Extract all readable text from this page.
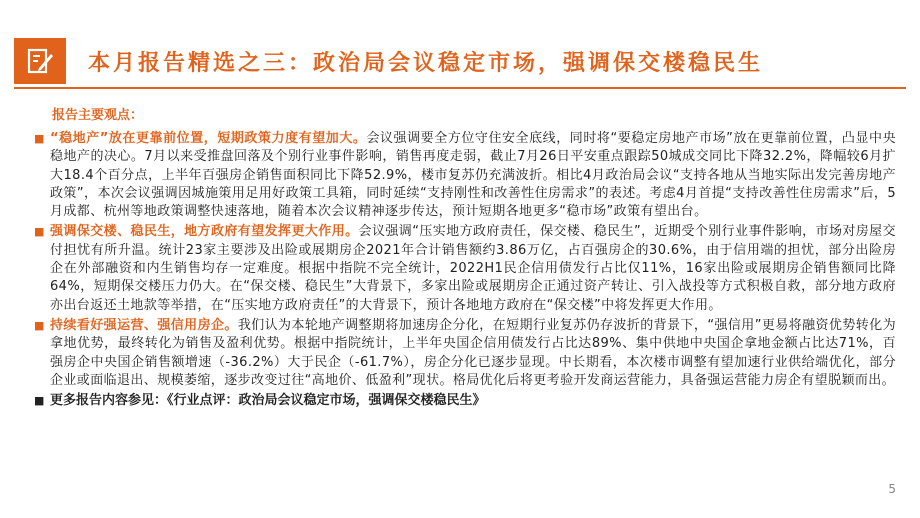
本月报告精选之三：政治局会议稳定市场，强调保交楼稳民生
报告主要观点：
■ “稳地产”放在更靠前位置，短期政策力度有望加大。会议强调要全方位守住安全底线，同时将“要稳定房地产市场”放在更靠前位置，凸显中央稳地产的决心。7月以来受推盘回落及个别行业事件影响，销售再度走弱，截止7月26日平安重点跟踪50城成交同比下降32.2%，降幅较6月扩大18.4个百分点，上半年百强房企销售面积同比下降52.9%，楼市复苏仍充满波折。相比4月政治局会议“支持各地从当地实际出发完善房地产政策”，本次会议强调因城施策用足用好政策工具箱，同时延续“支持刚性和改善性住房需求”的表述。考虑4月首提“支持改善性住房需求”后，5月成都、杭州等地政策调整快速落地，随着本次会议精神逐步传达，预计短期各地更多“稳市场”政策有望出台。
■ 强调保交楼、稳民生，地方政府有望发挥更大作用。会议强调“压实地方政府责任，保交楼、稳民生”，近期受个别行业事件影响，市场对房屋交付担忧有所升温。统计23家主要涉及出险或展期房企2021年合计销售额约3.86万亿，占百强房企的30.6%，由于信用端的担忧，部分出险房企在外部融资和内生销售均存一定难度。根据中指院不完全统计，2022H1民企信用债发行占比仅11%，16家出险或展期房企销售额同比降64%，短期保交楼压力仍大。在“保交楼、稳民生”大背景下，多家出险或展期房企正通过资产转让、引入战投等方式积极自救，部分地方政府亦出台返还土地款等举措，在“压实地方政府责任”的大背景下，预计各地地方政府在“保交楼”中将发挥更大作用。
■ 持续看好强运营、强信用房企。我们认为本轮地产调整期将加速房企分化，在短期行业复苏仍存波折的背景下，“强信用”更易将融资优势转化为拿地优势，最终转化为销售及盈利优势。根据中指院统计，上半年央国企信用债发行占比达89%、集中供地中央国企拿地金额占比达71%，百强房企中央国企销售额增速（-36.2%）大于民企（-61.7%），房企分化已逐步显现。中长期看，本次楼市调整有望加速行业供给端优化，部分企业或面临退出、规模萎缩，逐步改变过往“高地价、低盈利”现状。格局优化后将更考验开发商运营能力，具备强运营能力房企有望脱颖而出。
■ 更多报告内容参见：《行业点评：政治局会议稳定市场，强调保交楼稳民生》
5
